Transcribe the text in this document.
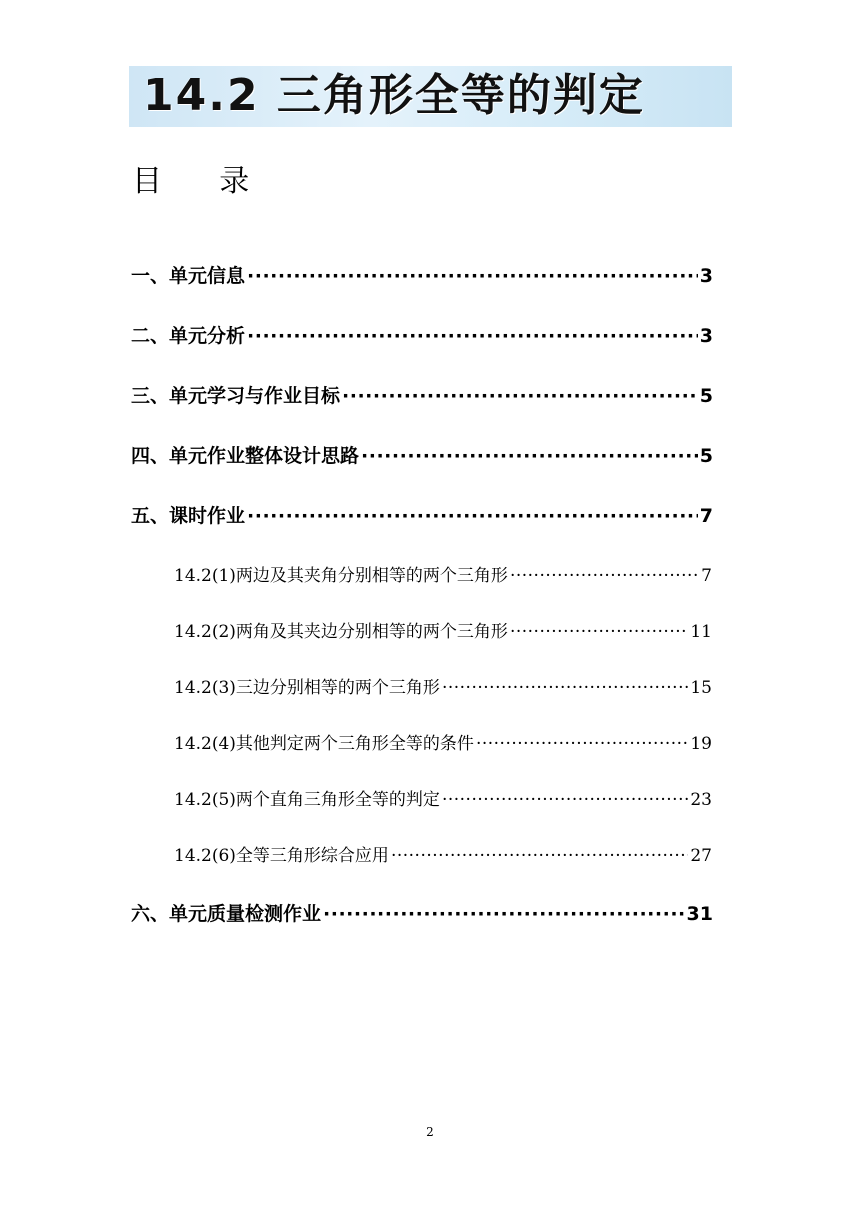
14.2 三角形全等的判定
目      录
一、单元信息 ·····	3
二、单元分析 ·····	3
三、单元学习与作业目标 ·····	5
四、单元作业整体设计思路 ·····	5
五、课时作业 ·····	7
14.2(1)两边及其夹角分别相等的两个三角形 ·····	7
14.2(2)两角及其夹边分别相等的两个三角形 ·····	11
14.2(3)三边分别相等的两个三角形 ·····	15
14.2(4)其他判定两个三角形全等的条件 ·····	19
14.2(5)两个直角三角形全等的判定 ·····	23
14.2(6)全等三角形综合应用 ·····	27
六、单元质量检测作业 ·····	31
2
